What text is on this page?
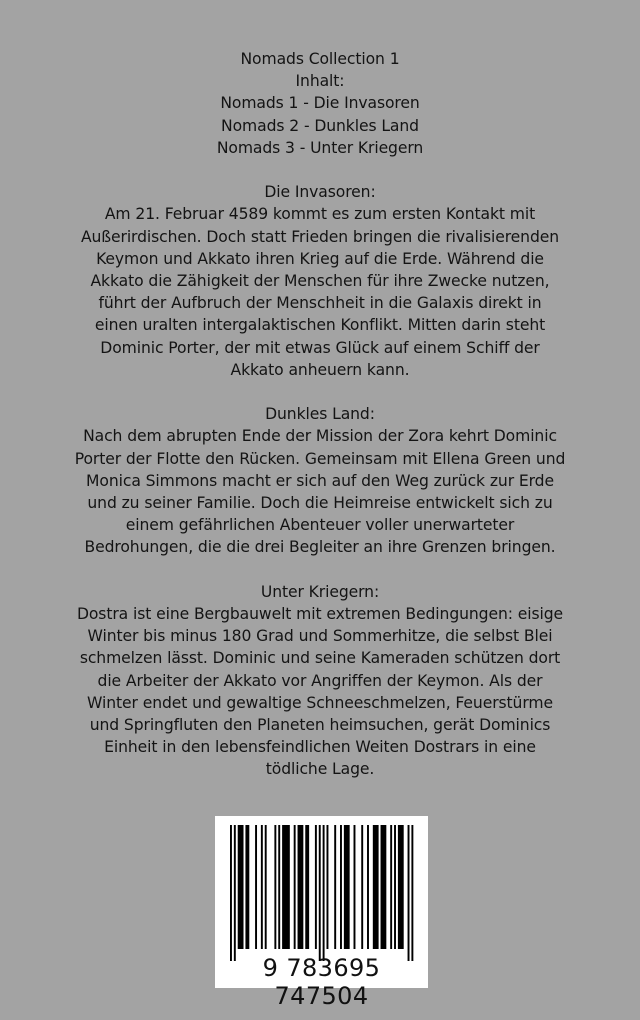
Nomads Collection 1

Inhalt:

Nomads 1 - Die Invasoren

Nomads 2 - Dunkles Land

Nomads 3 - Unter Kriegern

Die Invasoren:

Am 21. Februar 4589 kommt es zum ersten Kontakt mit

Außerirdischen. Doch statt Frieden bringen die rivalisierenden

Keymon und Akkato ihren Krieg auf die Erde. Während die

Akkato die Zähigkeit der Menschen für ihre Zwecke nutzen,

führt der Aufbruch der Menschheit in die Galaxis direkt in

einen uralten intergalaktischen Konflikt. Mitten darin steht

Dominic Porter, der mit etwas Glück auf einem Schiff der

Akkato anheuern kann.

Dunkles Land:

Nach dem abrupten Ende der Mission der Zora kehrt Dominic

Porter der Flotte den Rücken. Gemeinsam mit Ellena Green und

Monica Simmons macht er sich auf den Weg zurück zur Erde

und zu seiner Familie. Doch die Heimreise entwickelt sich zu

einem gefährlichen Abenteuer voller unerwarteter

Bedrohungen, die die drei Begleiter an ihre Grenzen bringen.

Unter Kriegern:

Dostra ist eine Bergbauwelt mit extremen Bedingungen: eisige

Winter bis minus 180 Grad und Sommerhitze, die selbst Blei

schmelzen lässt. Dominic und seine Kameraden schützen dort

die Arbeiter der Akkato vor Angriffen der Keymon. Als der

Winter endet und gewaltige Schneeschmelzen, Feuerstürme

und Springfluten den Planeten heimsuchen, gerät Dominics

Einheit in den lebensfeindlichen Weiten Dostrars in eine

tödliche Lage.

9 783695 747504
